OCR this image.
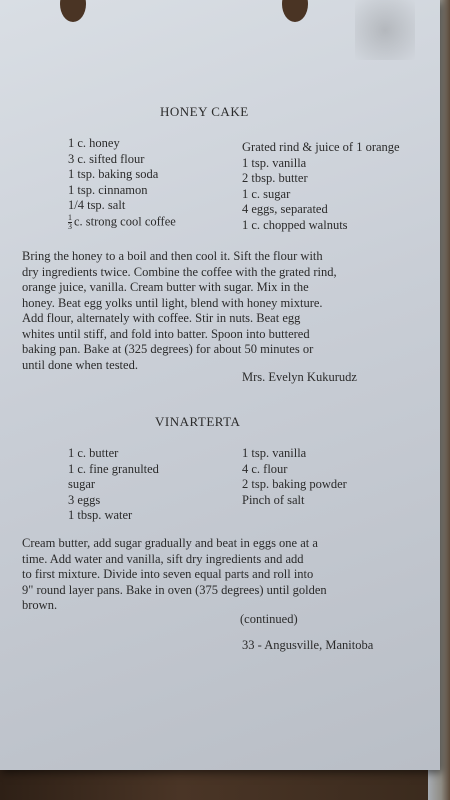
HONEY CAKE
1 c. honey
3 c. sifted flour
1 tsp. baking soda
1 tsp. cinnamon
1/4 tsp. salt
$\frac{1}{3} c$. strong cool coffee
Grated rind & juice of 1 orange
1 tsp. vanilla
2 tbsp. butter
1 c. sugar
4 eggs, separated
1 c. chopped walnuts
Bring the honey to a boil and then cool it. Sift the flour with
dry ingredients twice. Combine the coffee with the grated rind,
orange juice, vanilla. Cream butter with sugar. Mix in the
honey. Beat egg yolks until light, blend with honey mixture.
Add flour, alternately with coffee. Stir in nuts. Beat egg
whites until stiff, and fold into batter. Spoon into buttered
baking pan. Bake at (325 degrees) for about 50 minutes or
until done when tested.
Mrs. Evelyn Kukurudz
VINARTERTA
1 c. butter
1 c. fine granulted
sugar
3 eggs
1 tbsp. water
1 tsp. vanilla
4 c. flour
2 tsp. baking powder
Pinch of salt
Cream butter, add sugar gradually and beat in eggs one at a
time. Add water and vanilla, sift dry ingredients and add
to first mixture. Divide into seven equal parts and roll into
9" round layer pans. Bake in oven (375 degrees) until golden
brown.
(continued)
33 - Angusville, Manitoba
